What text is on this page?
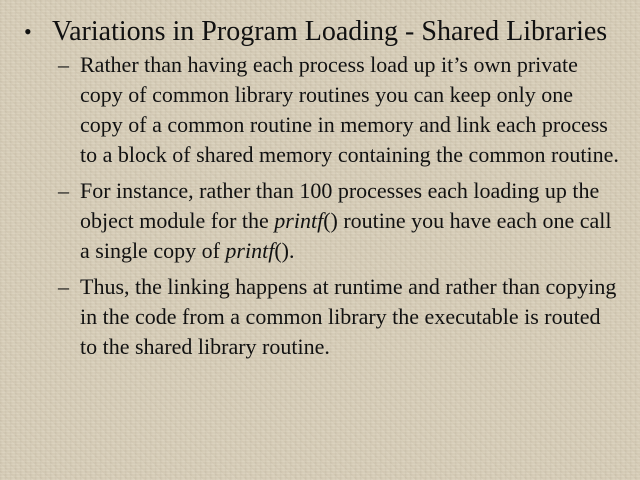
• Variations in Program Loading - Shared Libraries
– Rather than having each process load up it’s own private copy of common library routines you can keep only one copy of a common routine in memory and link each process to a block of shared memory containing the common routine.
– For instance, rather than 100 processes each loading up the object module for the printf() routine you have each one call a single copy of printf().
– Thus, the linking happens at runtime and rather than copying in the code from a common library the executable is routed to the shared library routine.
